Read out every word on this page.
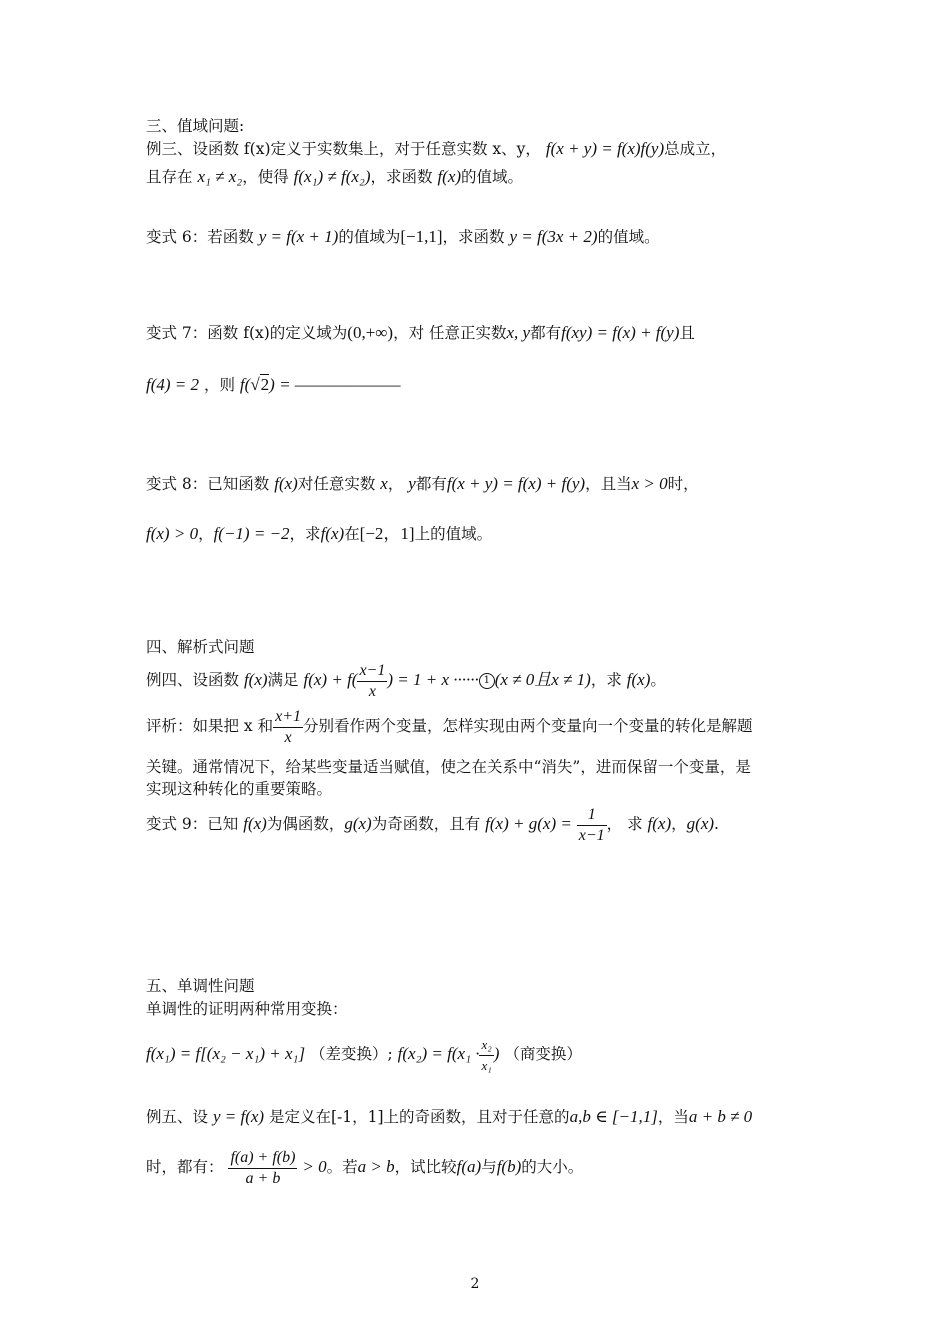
三、值域问题:
例三、设函数 f(x)定义于实数集上，对于任意实数 x、y， f(x + y) = f(x)f(y)总成立，
且存在 x₁ ≠ x₂，使得 f(x₁) ≠ f(x₂)，求函数 f(x)的值域。
变式 6：若函数 y = f(x + 1)的值域为[−1,1]，求函数 y = f(3x + 2)的值域。
变式 7：函数 f(x)的定义域为(0,+∞)，对 任意正实数x, y都有f(xy) = f(x) + f(y)且
f(4) = 2 ，则 f(√2) = ———————
变式 8：已知函数 f(x)对任意实数 x， y都有f(x + y) = f(x) + f(y)，且当x > 0时，
f(x) > 0，f(−1) = −2，求f(x)在[−2，1]上的值域。
四、解析式问题
例四、设函数 f(x)满足 $f(x) + f( \frac{x-1}{x}$ ) = 1 + x ······ 1 (x ≠ 0且x ≠ 1)，求 f(x)。
评析：如果把 x 和 $\frac{x+1}{x}$ 分别看作两个变量，怎样实现由两个变量向一个变量的转化是解题
关键。通常情况下，给某些变量适当赋值，使之在关系中“消失”，进而保留一个变量，是
实现这种转化的重要策略。
变式 9：已知 f(x)为偶函数，g(x)为奇函数，且有 $f(x) + g(x) = \frac{1}{x-1}$ ， 求 f(x)，g(x).
五、单调性问题
单调性的证明两种常用变换：
f(x₁) = f[(x₂ − x₁) + x₁] （差变换）; $f(x_2) = f(x_1 \cdot \frac{\text{x₂}}{\text{x₁}}$ ) （商变换）
例五、设 y = f(x) 是定义在[-1，1]上的奇函数，且对于任意的a,b ∈ [−1,1]，当a + b ≠ 0
时，都有： $\frac{f(a) + f(b)}{a + b} > 0$。若a > b，试比较f(a)与f(b)的大小。
2
